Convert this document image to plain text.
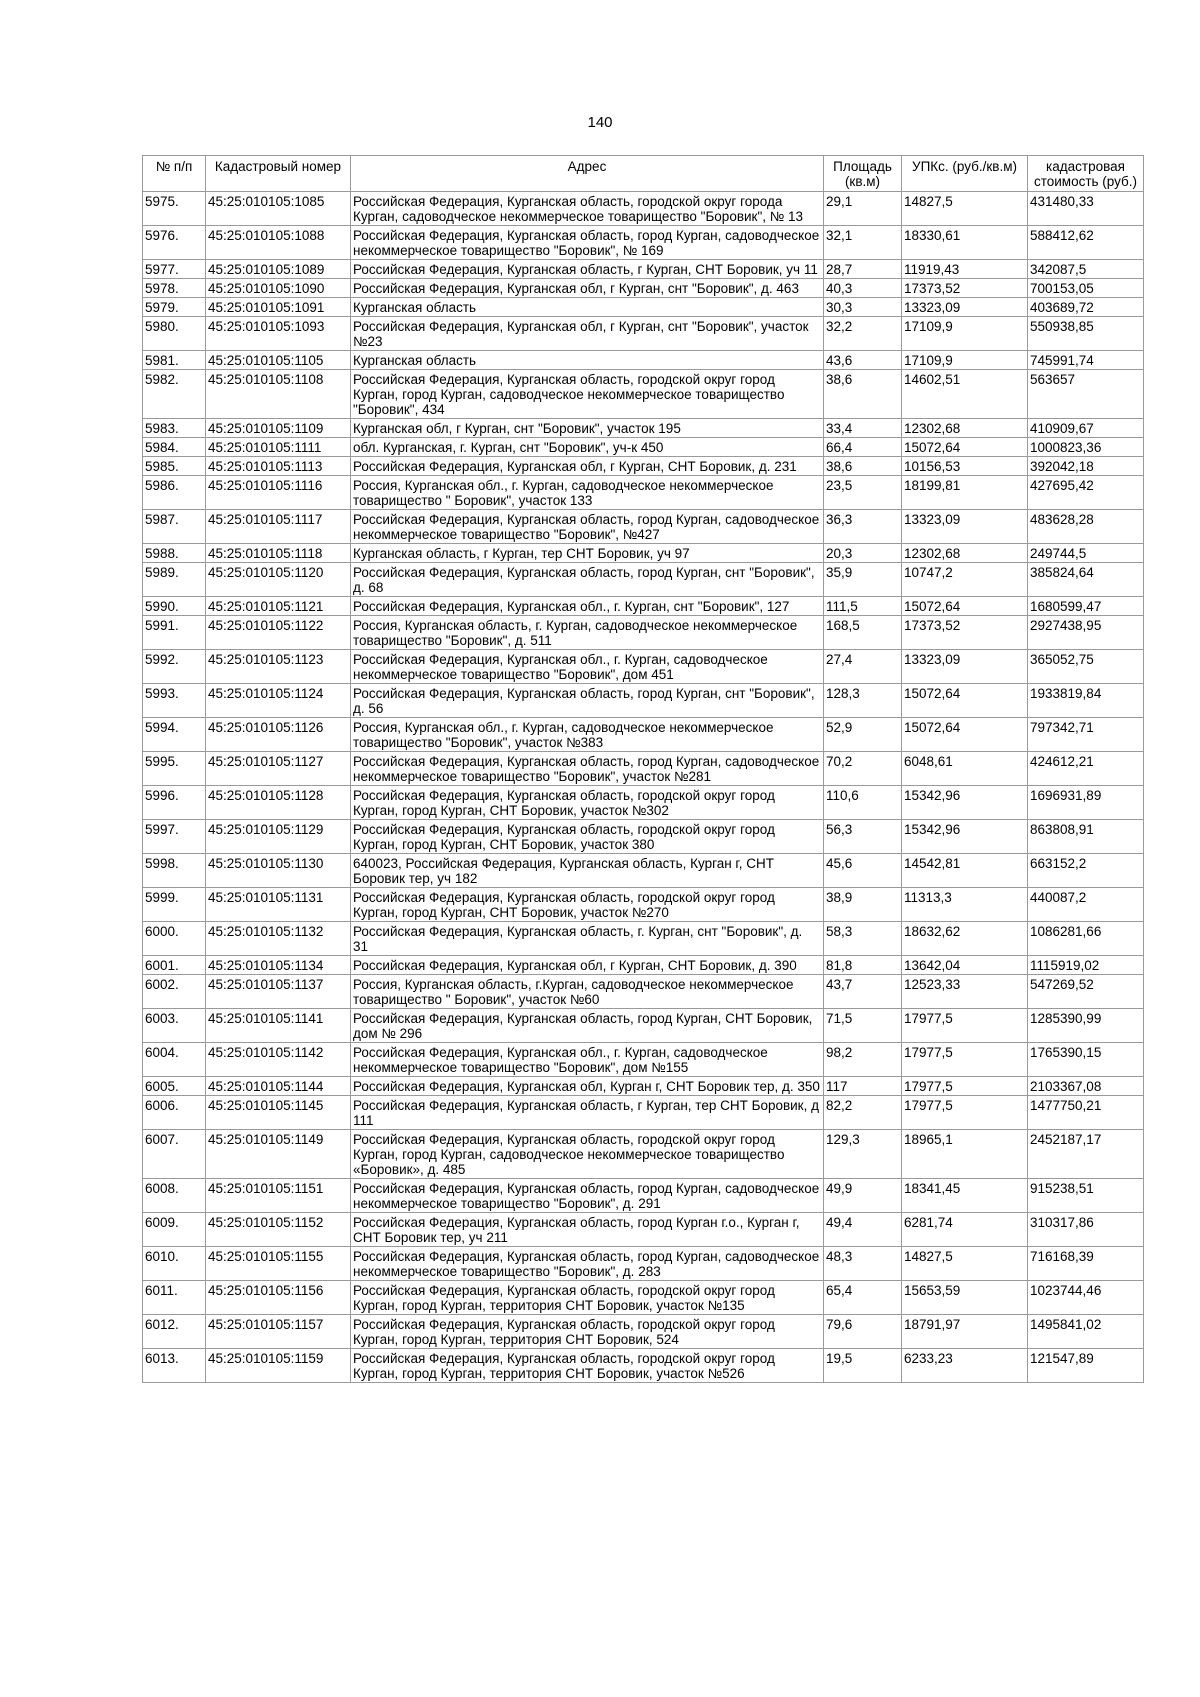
140
№ п/п	Кадастровый номер	Адрес	Площадь (кв.м)	УПКс. (руб./кв.м)	кадастровая стоимость (руб.)
5975.	45:25:010105:1085	Российская Федерация, Курганская область, городской округ города Курган, садоводческое некоммерческое товарищество "Боровик", № 13	29,1	14827,5	431480,33
5976.	45:25:010105:1088	Российская Федерация, Курганская область, город Курган, садоводческое некоммерческое товарищество "Боровик", № 169	32,1	18330,61	588412,62
5977.	45:25:010105:1089	Российская Федерация, Курганская область, г Курган, СНТ Боровик, уч 11	28,7	11919,43	342087,5
5978.	45:25:010105:1090	Российская Федерация, Курганская обл, г Курган, снт "Боровик", д. 463	40,3	17373,52	700153,05
5979.	45:25:010105:1091	Курганская область	30,3	13323,09	403689,72
5980.	45:25:010105:1093	Российская Федерация, Курганская обл, г Курган, снт "Боровик", участок №23	32,2	17109,9	550938,85
5981.	45:25:010105:1105	Курганская область	43,6	17109,9	745991,74
5982.	45:25:010105:1108	Российская Федерация, Курганская область, городской округ город Курган, город Курган, садоводческое некоммерческое товарищество "Боровик", 434	38,6	14602,51	563657
5983.	45:25:010105:1109	Курганская обл, г Курган, снт "Боровик", участок 195	33,4	12302,68	410909,67
5984.	45:25:010105:1111	обл. Курганская, г. Курган, снт "Боровик", уч-к 450	66,4	15072,64	1000823,36
5985.	45:25:010105:1113	Российская Федерация, Курганская обл, г Курган, СНТ Боровик, д. 231	38,6	10156,53	392042,18
5986.	45:25:010105:1116	Россия, Курганская обл., г. Курган, садоводческое некоммерческое товарищество " Боровик", участок 133	23,5	18199,81	427695,42
5987.	45:25:010105:1117	Российская Федерация, Курганская область, город Курган, садоводческое некоммерческое товарищество "Боровик", №427	36,3	13323,09	483628,28
5988.	45:25:010105:1118	Курганская область, г Курган, тер СНТ Боровик, уч 97	20,3	12302,68	249744,5
5989.	45:25:010105:1120	Российская Федерация, Курганская область, город Курган, снт "Боровик", д. 68	35,9	10747,2	385824,64
5990.	45:25:010105:1121	Российская Федерация, Курганская обл., г. Курган, снт "Боровик", 127	111,5	15072,64	1680599,47
5991.	45:25:010105:1122	Россия, Курганская область, г. Курган, садоводческое некоммерческое товарищество "Боровик", д. 511	168,5	17373,52	2927438,95
5992.	45:25:010105:1123	Российская Федерация, Курганская обл., г. Курган, садоводческое некоммерческое товарищество "Боровик", дом 451	27,4	13323,09	365052,75
5993.	45:25:010105:1124	Российская Федерация, Курганская область, город Курган, снт "Боровик", д. 56	128,3	15072,64	1933819,84
5994.	45:25:010105:1126	Россия, Курганская обл., г. Курган, садоводческое некоммерческое товарищество "Боровик", участок №383	52,9	15072,64	797342,71
5995.	45:25:010105:1127	Российская Федерация, Курганская область, город Курган, садоводческое некоммерческое товарищество "Боровик", участок №281	70,2	6048,61	424612,21
5996.	45:25:010105:1128	Российская Федерация, Курганская область, городской округ город Курган, город Курган, СНТ Боровик, участок №302	110,6	15342,96	1696931,89
5997.	45:25:010105:1129	Российская Федерация, Курганская область, городской округ город Курган, город Курган, СНТ Боровик, участок 380	56,3	15342,96	863808,91
5998.	45:25:010105:1130	640023, Российская Федерация, Курганская область, Курган г, СНТ Боровик тер, уч 182	45,6	14542,81	663152,2
5999.	45:25:010105:1131	Российская Федерация, Курганская область, городской округ город Курган, город Курган, СНТ Боровик, участок №270	38,9	11313,3	440087,2
6000.	45:25:010105:1132	Российская Федерация, Курганская область, г. Курган, снт "Боровик", д. 31	58,3	18632,62	1086281,66
6001.	45:25:010105:1134	Российская Федерация, Курганская обл, г Курган, СНТ Боровик, д. 390	81,8	13642,04	1115919,02
6002.	45:25:010105:1137	Россия, Курганская область, г.Курган, садоводческое некоммерческое товарищество " Боровик", участок №60	43,7	12523,33	547269,52
6003.	45:25:010105:1141	Российская Федерация, Курганская область, город Курган, СНТ Боровик, дом № 296	71,5	17977,5	1285390,99
6004.	45:25:010105:1142	Российская Федерация, Курганская обл., г. Курган, садоводческое некоммерческое товарищество "Боровик", дом №155	98,2	17977,5	1765390,15
6005.	45:25:010105:1144	Российская Федерация, Курганская обл, Курган г, СНТ Боровик тер, д. 350	117	17977,5	2103367,08
6006.	45:25:010105:1145	Российская Федерация, Курганская область, г Курган, тер СНТ Боровик, д 111	82,2	17977,5	1477750,21
6007.	45:25:010105:1149	Российская Федерация, Курганская область, городской округ город Курган, город Курган, садоводческое некоммерческое товарищество «Боровик», д. 485	129,3	18965,1	2452187,17
6008.	45:25:010105:1151	Российская Федерация, Курганская область, город Курган, садоводческое некоммерческое товарищество "Боровик", д. 291	49,9	18341,45	915238,51
6009.	45:25:010105:1152	Российская Федерация, Курганская область, город Курган г.о., Курган г, СНТ Боровик тер, уч 211	49,4	6281,74	310317,86
6010.	45:25:010105:1155	Российская Федерация, Курганская область, город Курган, садоводческое некоммерческое товарищество "Боровик", д. 283	48,3	14827,5	716168,39
6011.	45:25:010105:1156	Российская Федерация, Курганская область, городской округ город Курган, город Курган, территория СНТ Боровик, участок №135	65,4	15653,59	1023744,46
6012.	45:25:010105:1157	Российская Федерация, Курганская область, городской округ город Курган, город Курган, территория СНТ Боровик, 524	79,6	18791,97	1495841,02
6013.	45:25:010105:1159	Российская Федерация, Курганская область, городской округ город Курган, город Курган, территория СНТ Боровик, участок №526	19,5	6233,23	121547,89
